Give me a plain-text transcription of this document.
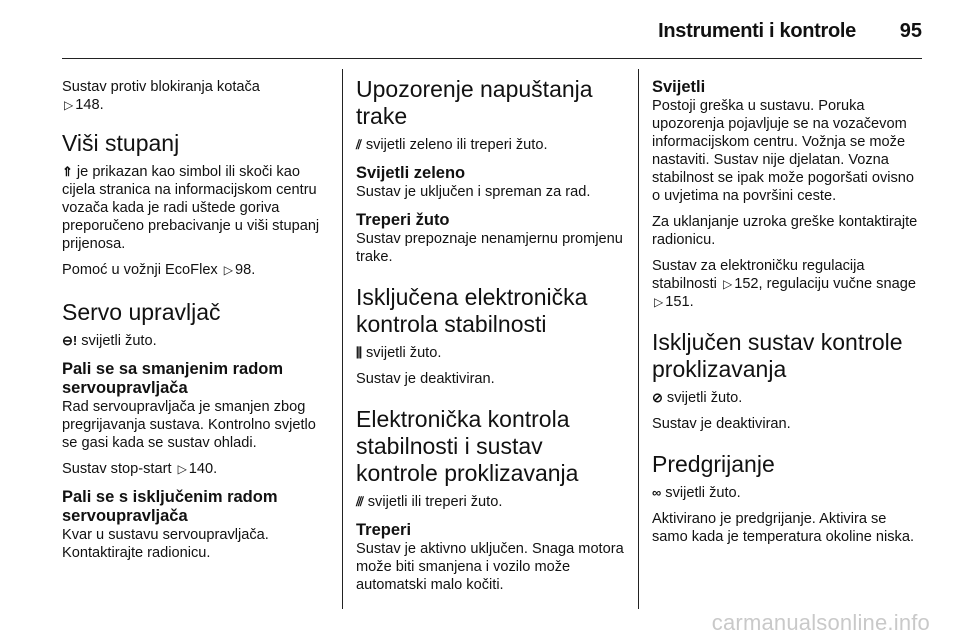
Instrumenti i kontrole 95

Sustav protiv blokiranja kotača
▷ 148.

Viši stupanj

⇑ je prikazan kao simbol ili skoči kao cijela stranica na informacijskom centru vozača kada je radi uštede goriva preporučeno prebacivanje u viši stupanj prijenosa.

Pomoć u vožnji EcoFlex ▷ 98.

Servo upravljač

⊖! svijetli žuto.

Pali se sa smanjenim radom servoupravljača

Rad servoupravljača je smanjen zbog pregrijavanja sustava. Kontrolno svjetlo se gasi kada se sustav ohladi.

Sustav stop-start ▷ 140.

Pali se s isključenim radom servoupravljača

Kvar u sustavu servoupravljača. Kontaktirajte radionicu.

Upozorenje napuštanja trake

⫽ svijetli zeleno ili treperi žuto.

Svijetli zeleno

Sustav je uključen i spreman za rad.

Treperi žuto

Sustav prepoznaje nenamjernu promjenu trake.

Isključena elektronička kontrola stabilnosti

⫼ svijetli žuto.

Sustav je deaktiviran.

Elektronička kontrola stabilnosti i sustav kontrole proklizavanja

⫻ svijetli ili treperi žuto.

Treperi

Sustav je aktivno uključen. Snaga motora može biti smanjena i vozilo može automatski malo kočiti.

Svijetli

Postoji greška u sustavu. Poruka upozorenja pojavljuje se na vozačevom informacijskom centru. Vožnja se može nastaviti. Sustav nije djelatan. Vozna stabilnost se ipak može pogoršati ovisno o uvjetima na površini ceste.

Za uklanjanje uzroka greške kontaktirajte radionicu.

Sustav za elektroničku regulacija stabilnosti ▷ 152, regulaciju vučne snage ▷ 151.

Isključen sustav kontrole proklizavanja

⊘ svijetli žuto.

Sustav je deaktiviran.

Predgrijanje

∞ svijetli žuto.

Aktivirano je predgrijanje. Aktivira se samo kada je temperatura okoline niska.

carmanualsonline.info
